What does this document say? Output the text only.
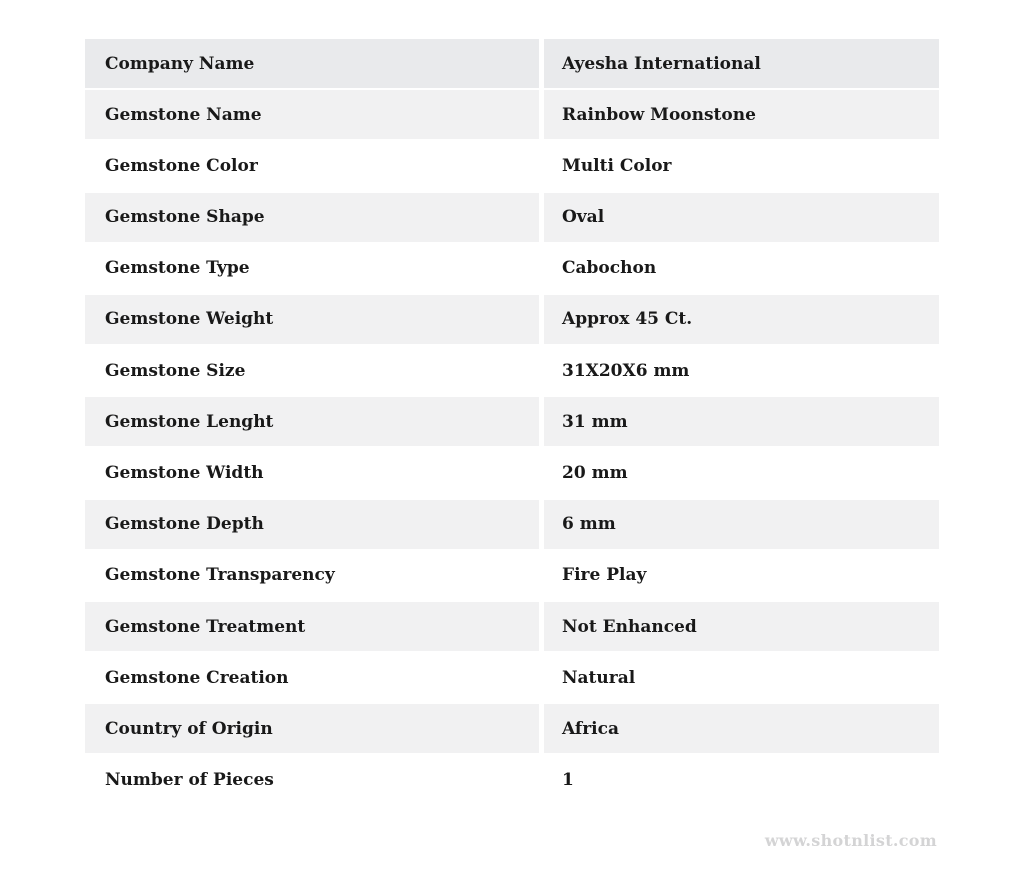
Company Name	Ayesha International
Gemstone Name	Rainbow Moonstone
Gemstone Color	Multi Color
Gemstone Shape	Oval
Gemstone Type	Cabochon
Gemstone Weight	Approx 45 Ct.
Gemstone Size	31X20X6 mm
Gemstone Lenght	31 mm
Gemstone Width	20 mm
Gemstone Depth	6 mm
Gemstone Transparency	Fire Play
Gemstone Treatment	Not Enhanced
Gemstone Creation	Natural
Country of Origin	Africa
Number of Pieces	1
www.shotnlist.com
